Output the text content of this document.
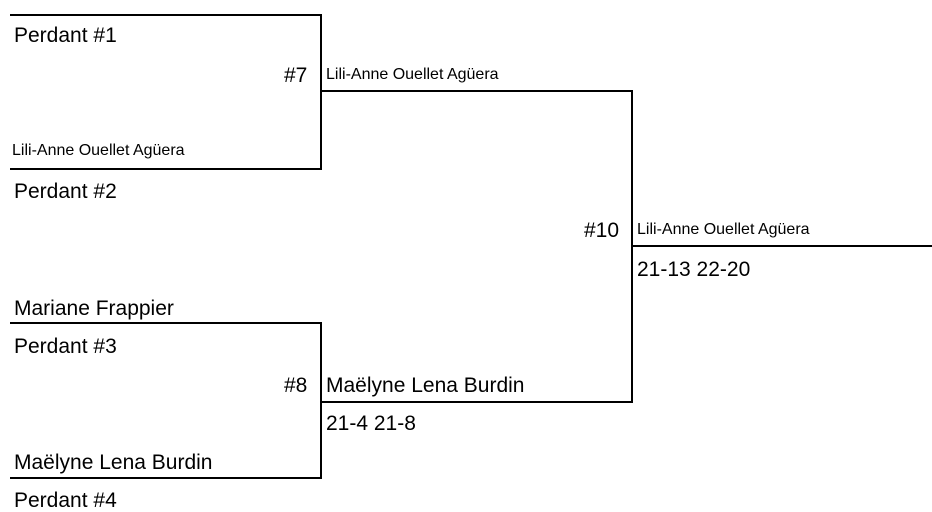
Perdant #1
Lili-Anne Ouellet Agüera
Perdant #2
Mariane Frappier
Perdant #3
Maëlyne Lena Burdin
Perdant #4
#7 Lili-Anne Ouellet Agüera
#8 Maëlyne Lena Burdin
21-4 21-8
#10 Lili-Anne Ouellet Agüera
21-13 22-20
